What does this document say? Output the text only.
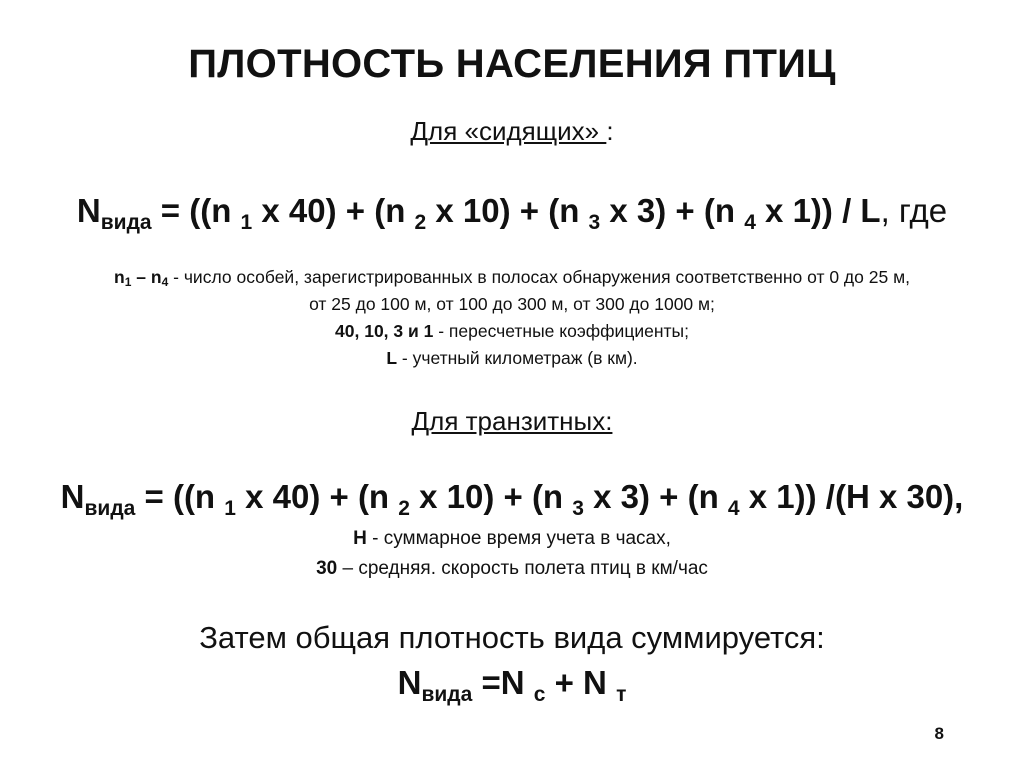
ПЛОТНОСТЬ НАСЕЛЕНИЯ ПТИЦ
Для «сидящих» :
$N_{вида} = ((n$ $_1$ x 40) + (n $_2$ x 10) + (n $_3$ x 3) + (n $_4$ x 1)) / L, где
$n_1 - n_4$ - число особей, зарегистрированных в полосах обнаружения соответственно от 0 до 25 м,
от 25 до 100 м, от 100 до 300 м, от 300 до 1000 м;
40, 10, 3 и 1 - пересчетные коэффициенты;
L - учетный километраж (в км).
Для транзитных:
$N_{вида} = ((n$ $_1$ x 40) + (n $_2$ x 10) + (n $_3$ x 3) + (n $_4$ x 1)) /(H x 30),
Н - суммарное время учета в часах,
30 – средняя. скорость полета птиц в км/час
Затем общая плотность вида суммируется:
$N_{вида} =N$ $_с$ + N $_т$
8
